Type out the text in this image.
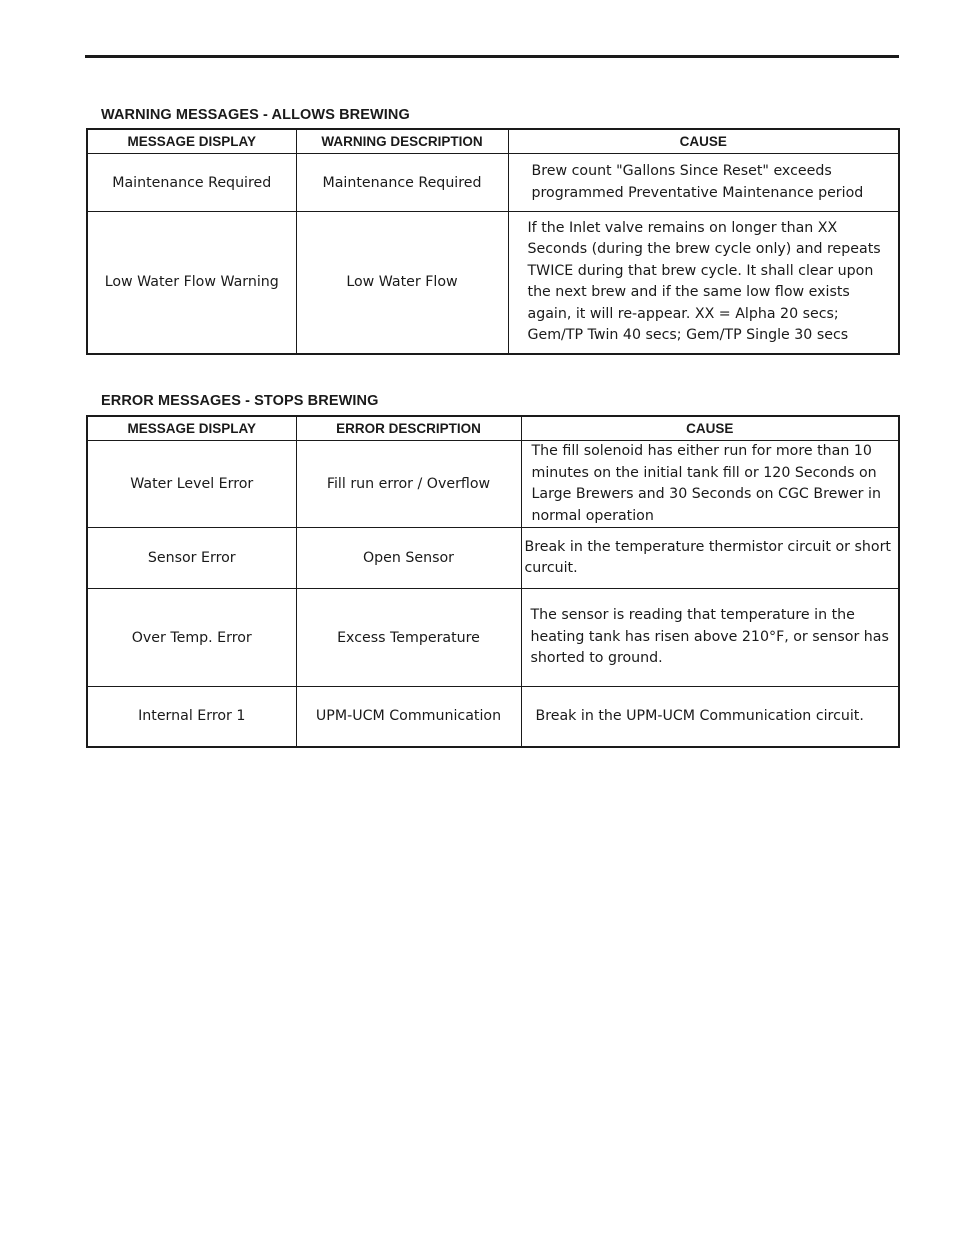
WARNING MESSAGES - ALLOWS BREWING
MESSAGE DISPLAY	WARNING DESCRIPTION	CAUSE
Maintenance Required	Maintenance Required	Brew count "Gallons Since Reset" exceeds programmed Preventative Maintenance period

Low Water Flow Warning	Low Water Flow	If the Inlet valve remains on longer than XX Seconds (during the brew cycle only) and repeats TWICE during that brew cycle. It shall clear upon the next brew and if the same low flow exists again, it will re-appear. XX = Alpha 20 secs; Gem/TP Twin 40 secs; Gem/TP Single 30 secs
ERROR MESSAGES - STOPS BREWING
MESSAGE DISPLAY	ERROR DESCRIPTION	CAUSE
Water Level Error	Fill run error / Overflow	The fill solenoid has either run for more than 10 minutes on the initial tank fill or 120 Seconds on Large Brewers and 30 Seconds on CGC Brewer in normal operation

Sensor Error	Open Sensor	Break in the temperature thermistor circuit or short curcuit.

Over Temp. Error	Excess Temperature	The sensor is reading that temperature in the heating tank has risen above 210°F, or sensor has shorted to ground.

Internal Error 1	UPM-UCM Communication	Break in the UPM-UCM Communication circuit.
